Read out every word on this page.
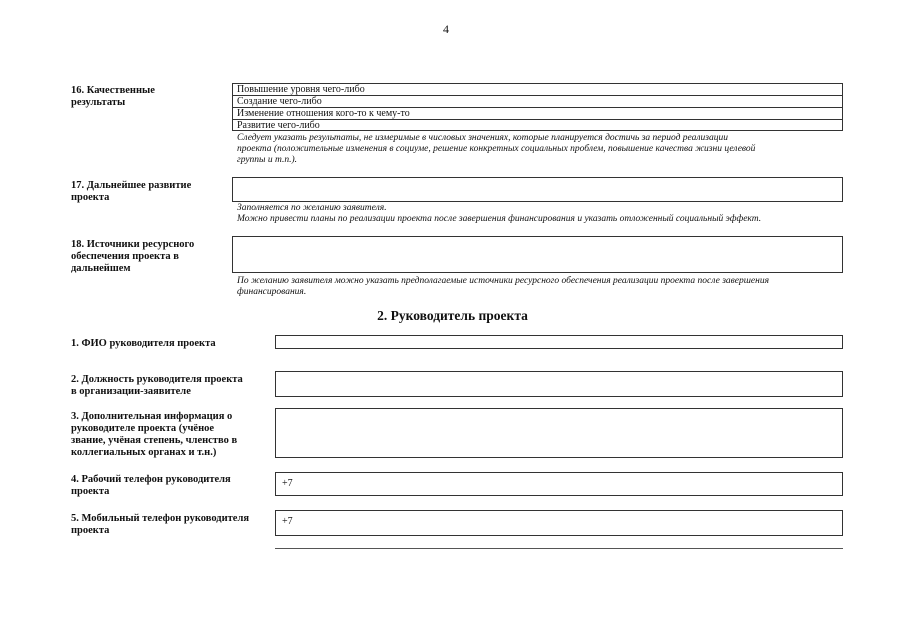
4
16. Качественные
результаты
Повышение уровня чего-либо
Создание чего-либо
Изменение отношения кого-то к чему-то
Развитие чего-либо
Следует указать результаты, не измеримые в числовых значениях, которые планируется достичь за период реализации
проекта (положительные изменения в социуме, решение конкретных социальных проблем, повышение качества жизни целевой
группы и т.п.).
17. Дальнейшее развитие
проекта
Заполняется по желанию заявителя.
Можно привести планы по реализации проекта после завершения финансирования и указать отложенный социальный эффект.
18. Источники ресурсного
обеспечения проекта в
дальнейшем
По желанию заявителя можно указать предполагаемые источники ресурсного обеспечения реализации проекта после завершения
финансирования.
2. Руководитель проекта
1. ФИО руководителя проекта
2. Должность руководителя проекта
в организации-заявителе
3. Дополнительная информация о
руководителе проекта (учёное
звание, учёная степень, членство в
коллегиальных органах и т.н.)
4. Рабочий телефон руководителя
проекта
+7
5. Мобильный телефон руководителя
проекта
+7
